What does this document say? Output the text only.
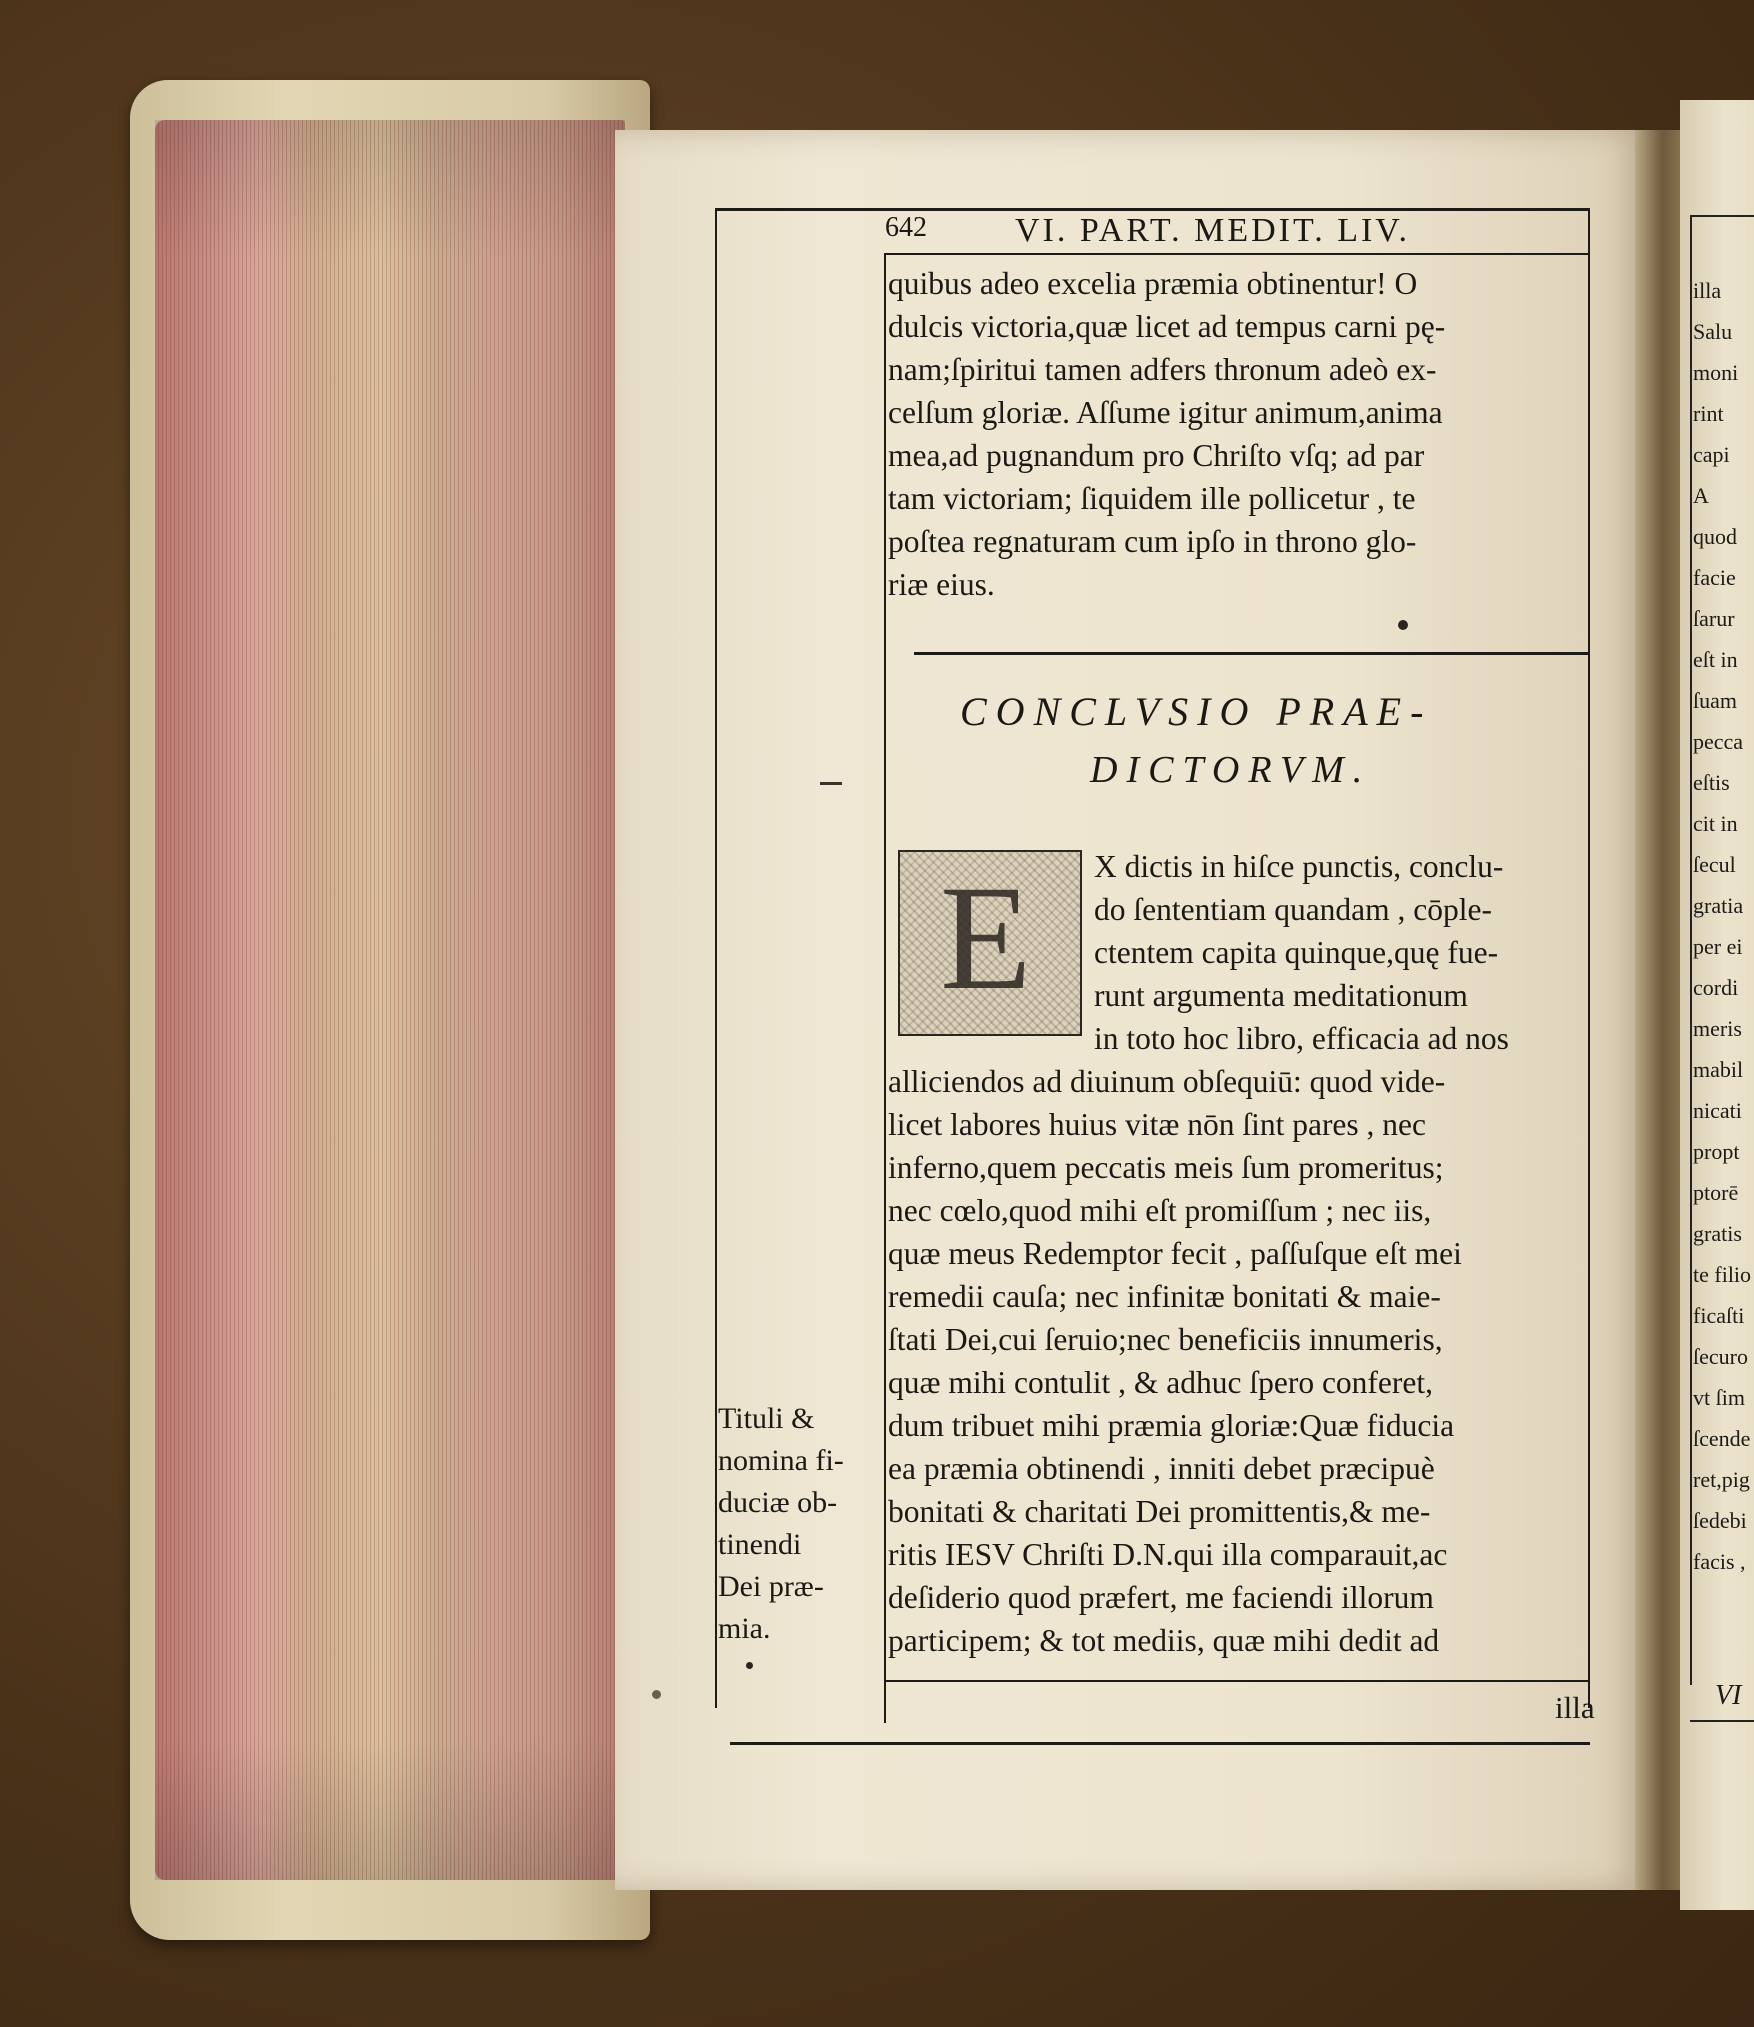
642	VI. PART. MEDIT. LIV.
quibus adeo excelia præmia obtinentur! O
dulcis victoria,quæ licet ad tempus carni pę-
nam;ſpiritui tamen adfers thronum adeò ex-
celſum gloriæ. Aſſume igitur animum,anima
mea,ad pugnandum pro Chriſto vſq; ad par
tam victoriam; ſiquidem ille pollicetur , te
poſtea regnaturam cum ipſo in throno glo-
riæ eius.
CONCLVSIO PRAE-
DICTORVM.
E X dictis in hiſce punctis, conclu-
do ſententiam quandam , cōple-
ctentem capita quinque,quę fue-
runt argumenta meditationum
in toto hoc libro, efficacia ad nos
alliciendos ad diuinum obſequiū: quod vide-
licet labores huius vitæ nōn ſint pares , nec
inferno,quem peccatis meis ſum promeritus;
nec cœlo,quod mihi eſt promiſſum ; nec iis,
quæ meus Redemptor fecit , paſſuſque eſt mei
remedii cauſa; nec infinitæ bonitati & maie-
ſtati Dei,cui ſeruio;nec beneficiis innumeris,
quæ mihi contulit , & adhuc ſpero conferet,
dum tribuet mihi præmia gloriæ:Quæ fiducia
ea præmia obtinendi , inniti debet præcipuè
bonitati & charitati Dei promittentis,& me-
ritis IESV Chriſti D.N.qui illa comparauit,ac
deſiderio quod præfert, me faciendi illorum
participem; & tot mediis, quæ mihi dedit ad
illa
Tituli &
nomina fi-
duciæ ob-
tinendi
Dei præ-
mia.
illa
Salu
moni
rint
capi
A
quod
facie
ſarur
eſt in
ſuam
pecca
eſtis
cit in
ſecul
gratia
per ei
cordi
meris
mabil
nicati
propt
ptorē
gratis
te filio
ficaſti
ſecuro
vt ſim
ſcende
ret,pig
ſedebi
facis ,
VI
